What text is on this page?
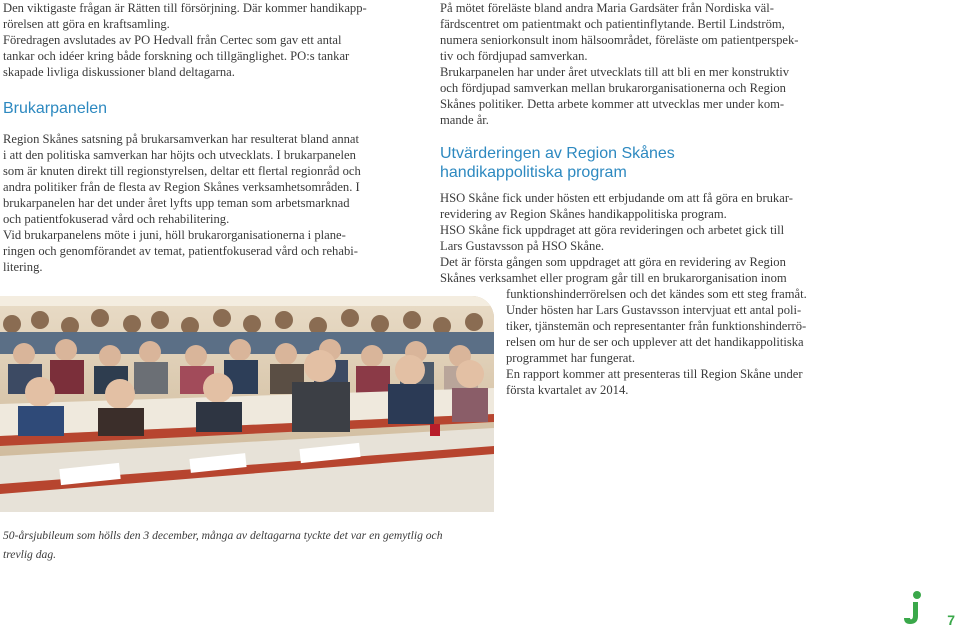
Den viktigaste frågan är Rätten till försörjning. Där kommer handikapp-

rörelsen att göra en kraftsamling.

Föredragen avslutades av PO Hedvall från Certec som gav ett antal

tankar och idéer kring både forskning och tillgänglighet. PO:s tankar

skapade livliga diskussioner bland deltagarna.

Brukarpanelen

Region Skånes satsning på brukarsamverkan har resulterat bland annat

i att den politiska samverkan har höjts och utvecklats. I brukarpanelen

som är knuten direkt till regionstyrelsen, deltar ett flertal regionråd och

andra politiker från de flesta av Region Skånes verksamhetsområden. I

brukarpanelen har det under året lyfts upp teman som arbetsmarknad

och patientfokuserad vård och rehabilitering.

Vid brukarpanelens möte i juni, höll brukarorganisationerna i plane-

ringen och genomförandet av temat, patientfokuserad vård och rehabi-

litering.

50-årsjubileum som hölls den 3 december, många av deltagarna tyckte det var en gemytlig och trevlig dag.

På mötet föreläste bland andra Maria Gardsäter från Nordiska väl-

färdscentret om patientmakt och patientinflytande. Bertil Lindström,

numera seniorkonsult inom hälsoområdet, föreläste om patientperspek-

tiv och fördjupad samverkan.

Brukarpanelen har under året utvecklats till att bli en mer konstruktiv

och fördjupad samverkan mellan brukarorganisationerna och Region

Skånes politiker. Detta arbete kommer att utvecklas mer under kom-

mande år.

Utvärderingen av Region Skånes
handikappolitiska program

HSO Skåne fick under hösten ett erbjudande om att få göra en brukar-

revidering av Region Skånes handikappolitiska program.

HSO Skåne fick uppdraget att göra revideringen och arbetet gick till

Lars Gustavsson på HSO Skåne.

Det är första gången som uppdraget att göra en revidering av Region

Skånes verksamhet eller program går till en brukarorganisation inom

funktionshinderrörelsen och det kändes som ett steg framåt.

Under hösten har Lars Gustavsson intervjuat ett antal poli-

tiker, tjänstemän och representanter från funktionshinderrö-

relsen om hur de ser och upplever att det handikappolitiska

programmet har fungerat.

En rapport kommer att presenteras till Region Skåne under

första kvartalet av 2014.

7
